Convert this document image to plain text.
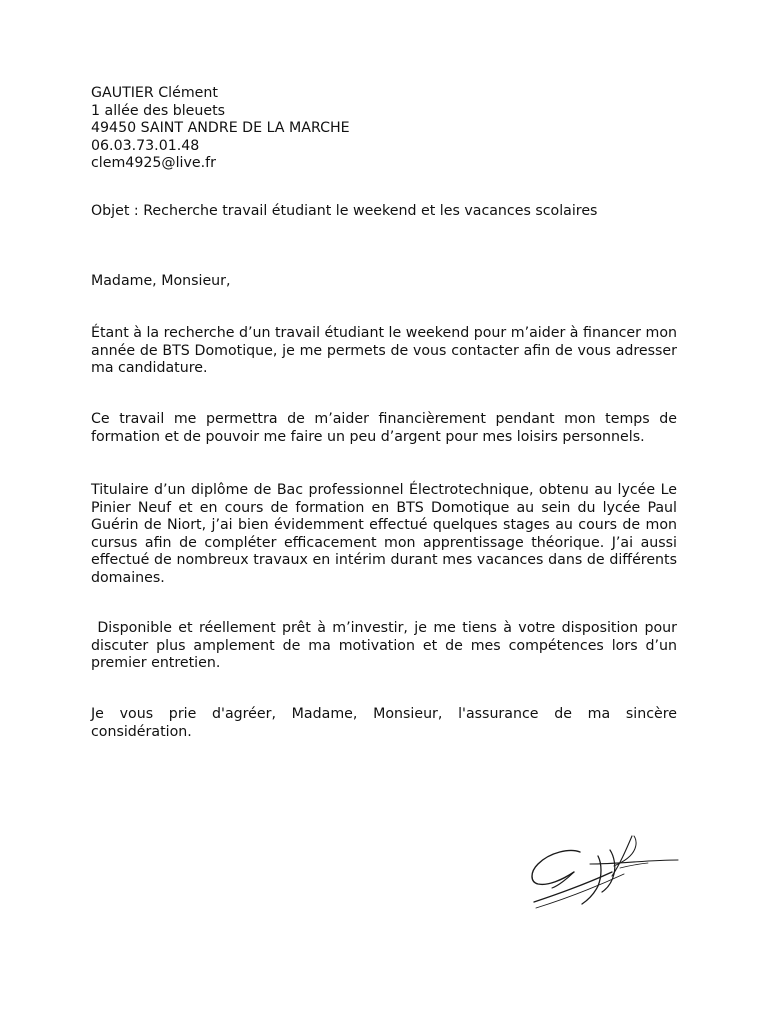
GAUTIER Clément
1 allée des bleuets
49450 SAINT ANDRE DE LA MARCHE
06.03.73.01.48
clem4925@live.fr
Objet : Recherche travail étudiant le weekend et les vacances scolaires
Madame, Monsieur,
Étant à la recherche d’un travail étudiant le weekend pour m’aider à financer mon année de BTS Domotique, je me permets de vous contacter afin de vous adresser ma candidature.
Ce travail me permettra de m’aider financièrement pendant mon temps de formation et de pouvoir me faire un peu d’argent pour mes loisirs personnels.
Titulaire d’un diplôme de Bac professionnel Électrotechnique, obtenu au lycée Le Pinier Neuf et en cours de formation en BTS Domotique au sein du lycée Paul Guérin de Niort, j’ai bien évidemment effectué quelques stages au cours de mon cursus afin de compléter efficacement mon apprentissage théorique. J’ai aussi effectué de nombreux travaux en intérim durant mes vacances dans de différents domaines.
Disponible et réellement prêt à m’investir, je me tiens à votre disposition pour discuter plus amplement de ma motivation et de mes compétences lors d’un premier entretien.
Je vous prie d'agréer, Madame, Monsieur, l'assurance de ma sincère considération.
